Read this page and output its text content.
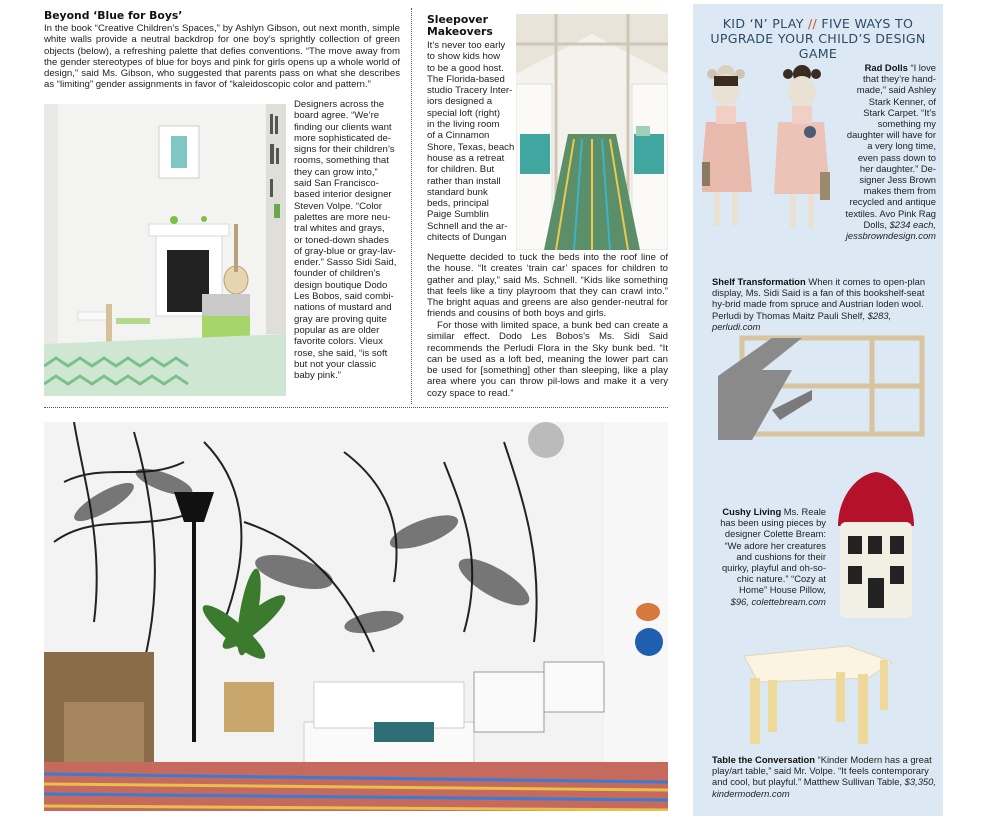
Beyond ‘Blue for Boys’
In the book “Creative Children’s Spaces,” by Ashlyn Gibson, out next month, simple white walls provide a neutral backdrop for one boy’s sprightly collection of green objects (below), a refreshing palette that defies conventions. “The move away from the gender stereotypes of blue for boys and pink for girls opens up a whole world of design,” said Ms. Gibson, who suggested that parents pass on what she describes as “limiting” gender assignments in favor of “kaleidoscopic color and pattern.”
Designers across the
board agree. “We’re
finding our clients want
more sophisticated de-
signs for their children’s
rooms, something that
they can grow into,”
said San Francisco-
based interior designer
Steven Volpe. “Color
palettes are more neu-
tral whites and grays,
or toned-down shades
of gray-blue or gray-lav-
ender.” Sasso Sidi Said,
founder of children’s
design boutique Dodo
Les Bobos, said combi-
nations of mustard and
gray are proving quite
popular as are older
favorite colors. Vieux
rose, she said, “is soft
but not your classic
baby pink.”
Sleepover
Makeovers
It’s never too early
to show kids how
to be a good host.
The Florida-based
studio Tracery Inter-
iors designed a
special loft (right)
in the living room
of a Cinnamon
Shore, Texas, beach
house as a retreat
for children. But
rather than install
standard bunk
beds, principal
Paige Sumblin
Schnell and the ar-
chitects of Dungan
Nequette decided to tuck the beds into the roof line of the house. “It creates ‘train car’ spaces for children to gather and play,” said Ms. Schnell. “Kids like something that feels like a tiny playroom that they can crawl into.” The bright aquas and greens are also gender-neutral for friends and cousins of both boys and girls.
For those with limited space, a bunk bed can create a similar effect. Dodo Les Bobos’s Ms. Sidi Said recommends the Perludi Flora in the Sky bunk bed. “It can be used as a loft bed, meaning the lower part can be used for [something] other than sleeping, like a play area where you can throw pil-lows and make it a very cozy space to read.”
KID ‘N’ PLAY // FIVE WAYS TO
UPGRADE YOUR CHILD’S DESIGN GAME
Rad Dolls “I love
that they’re hand-
made,” said Ashley
Stark Kenner, of
Stark Carpet. “It’s
something my
daughter will have for
a very long time,
even pass down to
her daughter.” De-
signer Jess Brown
makes them from
recycled and antique
textiles. Avo Pink Rag
Dolls, $234 each,
jessbrowndesign.com
Shelf Transformation When it comes to open-plan display, Ms. Sidi Said is a fan of this bookshelf-seat hy-brid made from spruce and Austrian loden wool. Perludi by Thomas Maitz Pauli Shelf, $283, perludi.com
Cushy Living Ms. Reale
has been using pieces by
designer Colette Bream:
“We adore her creatures
and cushions for their
quirky, playful and oh-so-
chic nature.” “Cozy at
Home” House Pillow,
$96, colettebream.com
Table the Conversation “Kinder Modern has a great play/art table,” said Mr. Volpe. “It feels contemporary and cool, but playful.” Matthew Sullivan Table, $3,350, kindermodern.com
